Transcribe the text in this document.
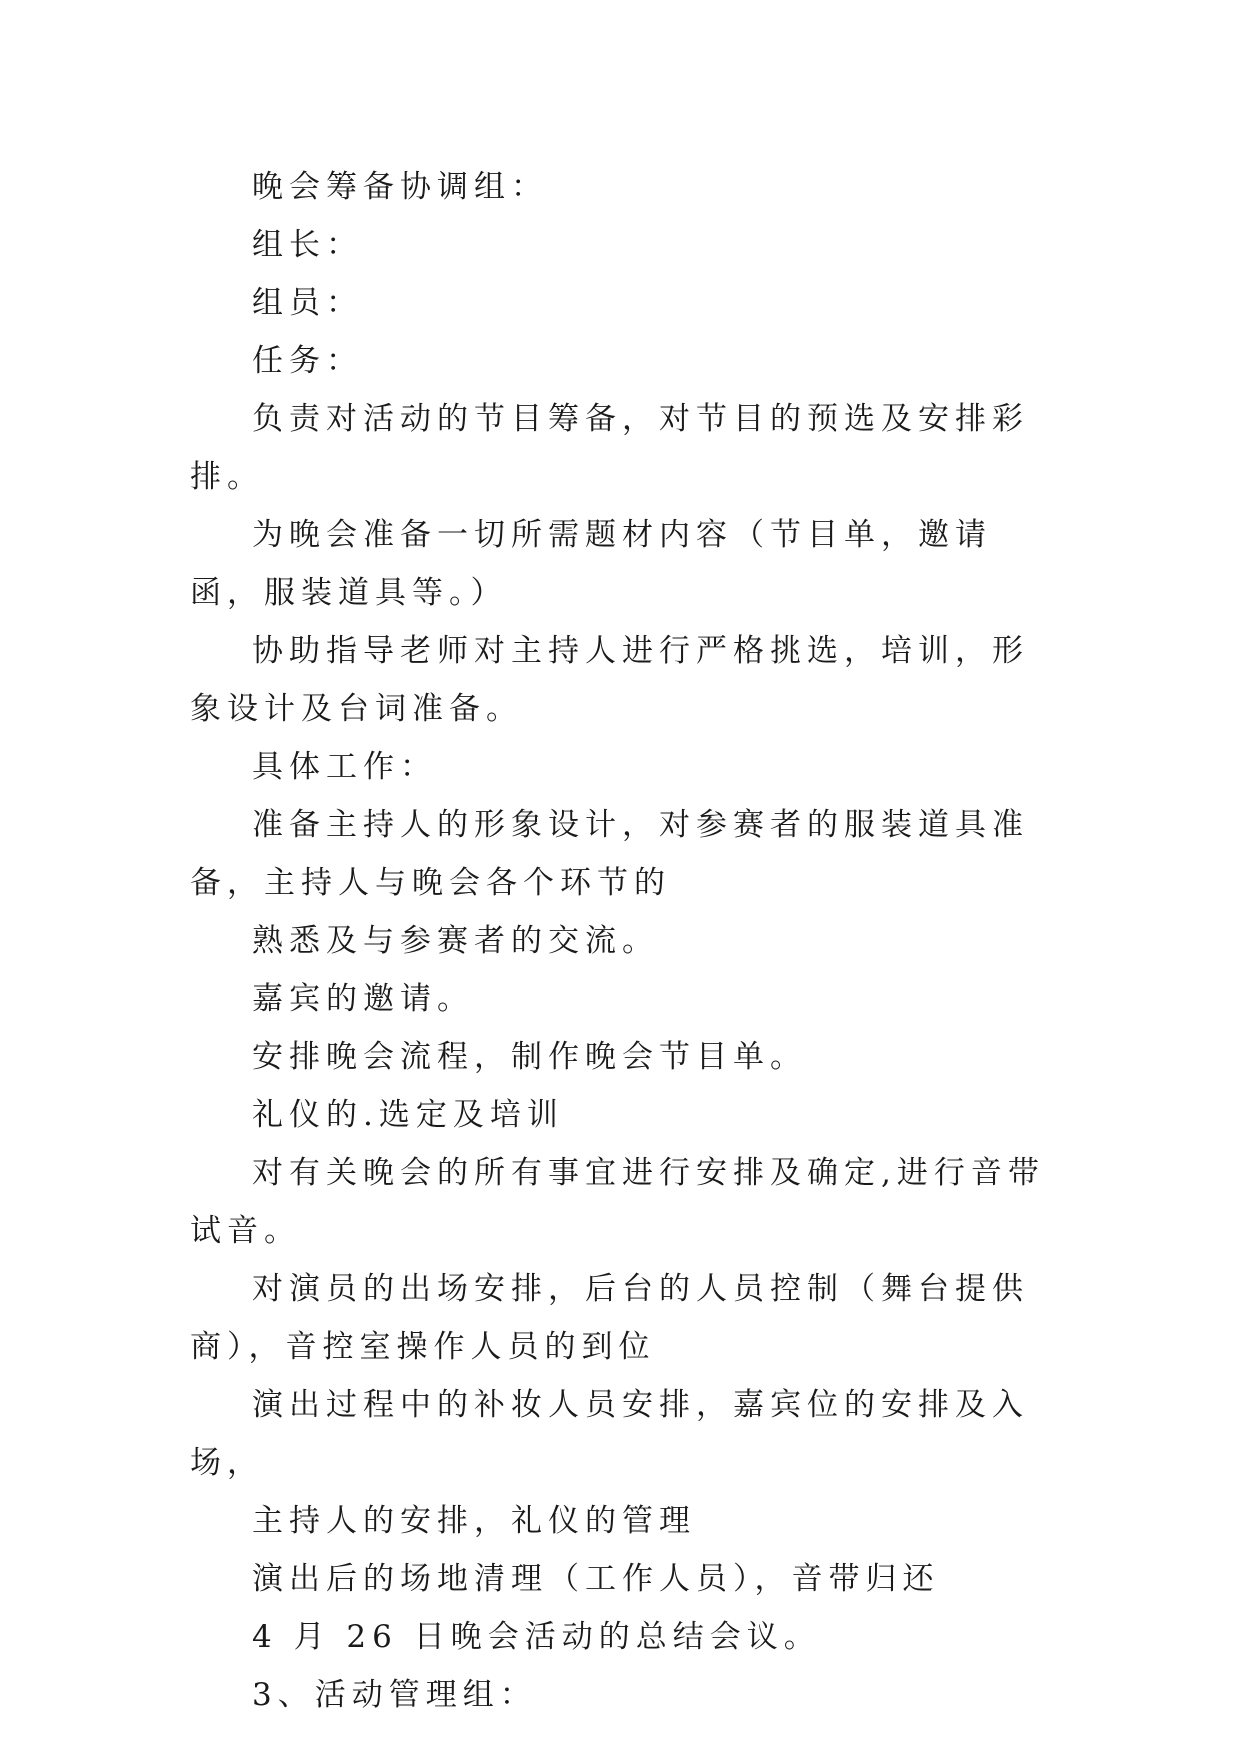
晚会筹备协调组：

组长：

组员：

任务：

负责对活动的节目筹备，对节目的预选及安排彩排。

为晚会准备一切所需题材内容（节目单，邀请函，服装道具等。）

协助指导老师对主持人进行严格挑选，培训，形象设计及台词准备。

具体工作：

准备主持人的形象设计，对参赛者的服装道具准备，主持人与晚会各个环节的

熟悉及与参赛者的交流。

嘉宾的邀请。

安排晚会流程，制作晚会节目单。

礼仪的.选定及培训

对有关晚会的所有事宜进行安排及确定,进行音带试音。

对演员的出场安排，后台的人员控制（舞台提供商），音控室操作人员的到位

演出过程中的补妆人员安排，嘉宾位的安排及入场，

主持人的安排，礼仪的管理

演出后的场地清理（工作人员），音带归还

4 月 26 日晚会活动的总结会议。

3、活动管理组：
